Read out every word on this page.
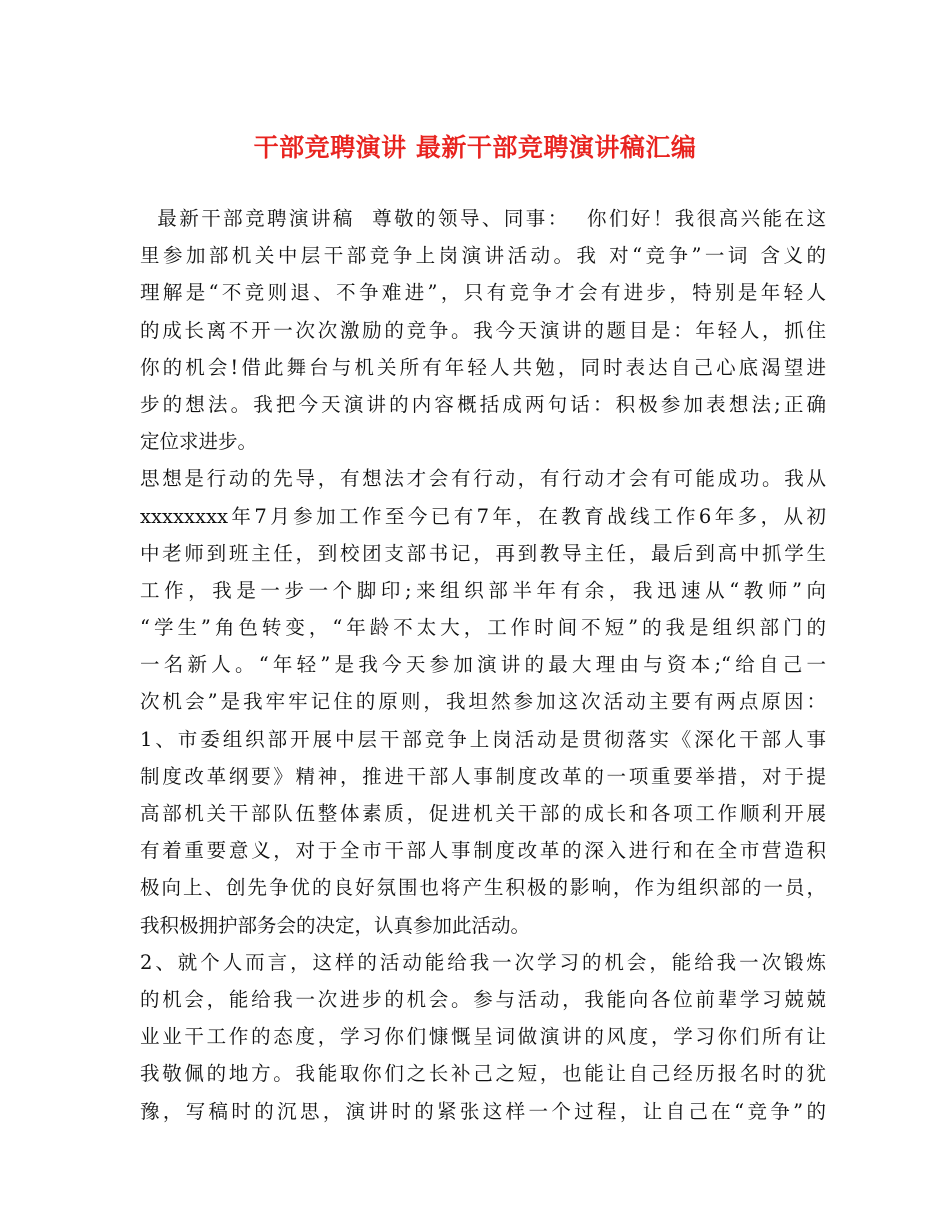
干部竞聘演讲 最新干部竞聘演讲稿汇编
最新干部竞聘演讲稿  尊敬的领导、同事：  你们好！我很高兴能在这
里参加部机关中层干部竞争上岗演讲活动。我 对“竞争”一词 含义的
理解是“不竞则退、不争难进”，只有竞争才会有进步，特别是年轻人
的成长离不开一次次激励的竞争。我今天演讲的题目是：年轻人，抓住
你的机会!借此舞台与机关所有年轻人共勉，同时表达自己心底渴望进
步的想法。我把今天演讲的内容概括成两句话：积极参加表想法;正确
定位求进步。
思想是行动的先导，有想法才会有行动，有行动才会有可能成功。我从
xxxxxxxx年7月参加工作至今已有7年，在教育战线工作6年多，从初
中老师到班主任，到校团支部书记，再到教导主任，最后到高中抓学生
工作，我是一步一个脚印;来组织部半年有余，我迅速从“教师”向
“学生”角色转变，“年龄不太大，工作时间不短”的我是组织部门的
一名新人。“年轻”是我今天参加演讲的最大理由与资本;“给自己一
次机会”是我牢牢记住的原则，我坦然参加这次活动主要有两点原因：
1、市委组织部开展中层干部竞争上岗活动是贯彻落实《深化干部人事
制度改革纲要》精神，推进干部人事制度改革的一项重要举措，对于提
高部机关干部队伍整体素质，促进机关干部的成长和各项工作顺利开展
有着重要意义，对于全市干部人事制度改革的深入进行和在全市营造积
极向上、创先争优的良好氛围也将产生积极的影响，作为组织部的一员，
我积极拥护部务会的决定，认真参加此活动。
2、就个人而言，这样的活动能给我一次学习的机会，能给我一次锻炼
的机会，能给我一次进步的机会。参与活动，我能向各位前辈学习兢兢
业业干工作的态度，学习你们慷慨呈词做演讲的风度，学习你们所有让
我敬佩的地方。我能取你们之长补己之短，也能让自己经历报名时的犹
豫，写稿时的沉思，演讲时的紧张这样一个过程，让自己在“竞争”的
